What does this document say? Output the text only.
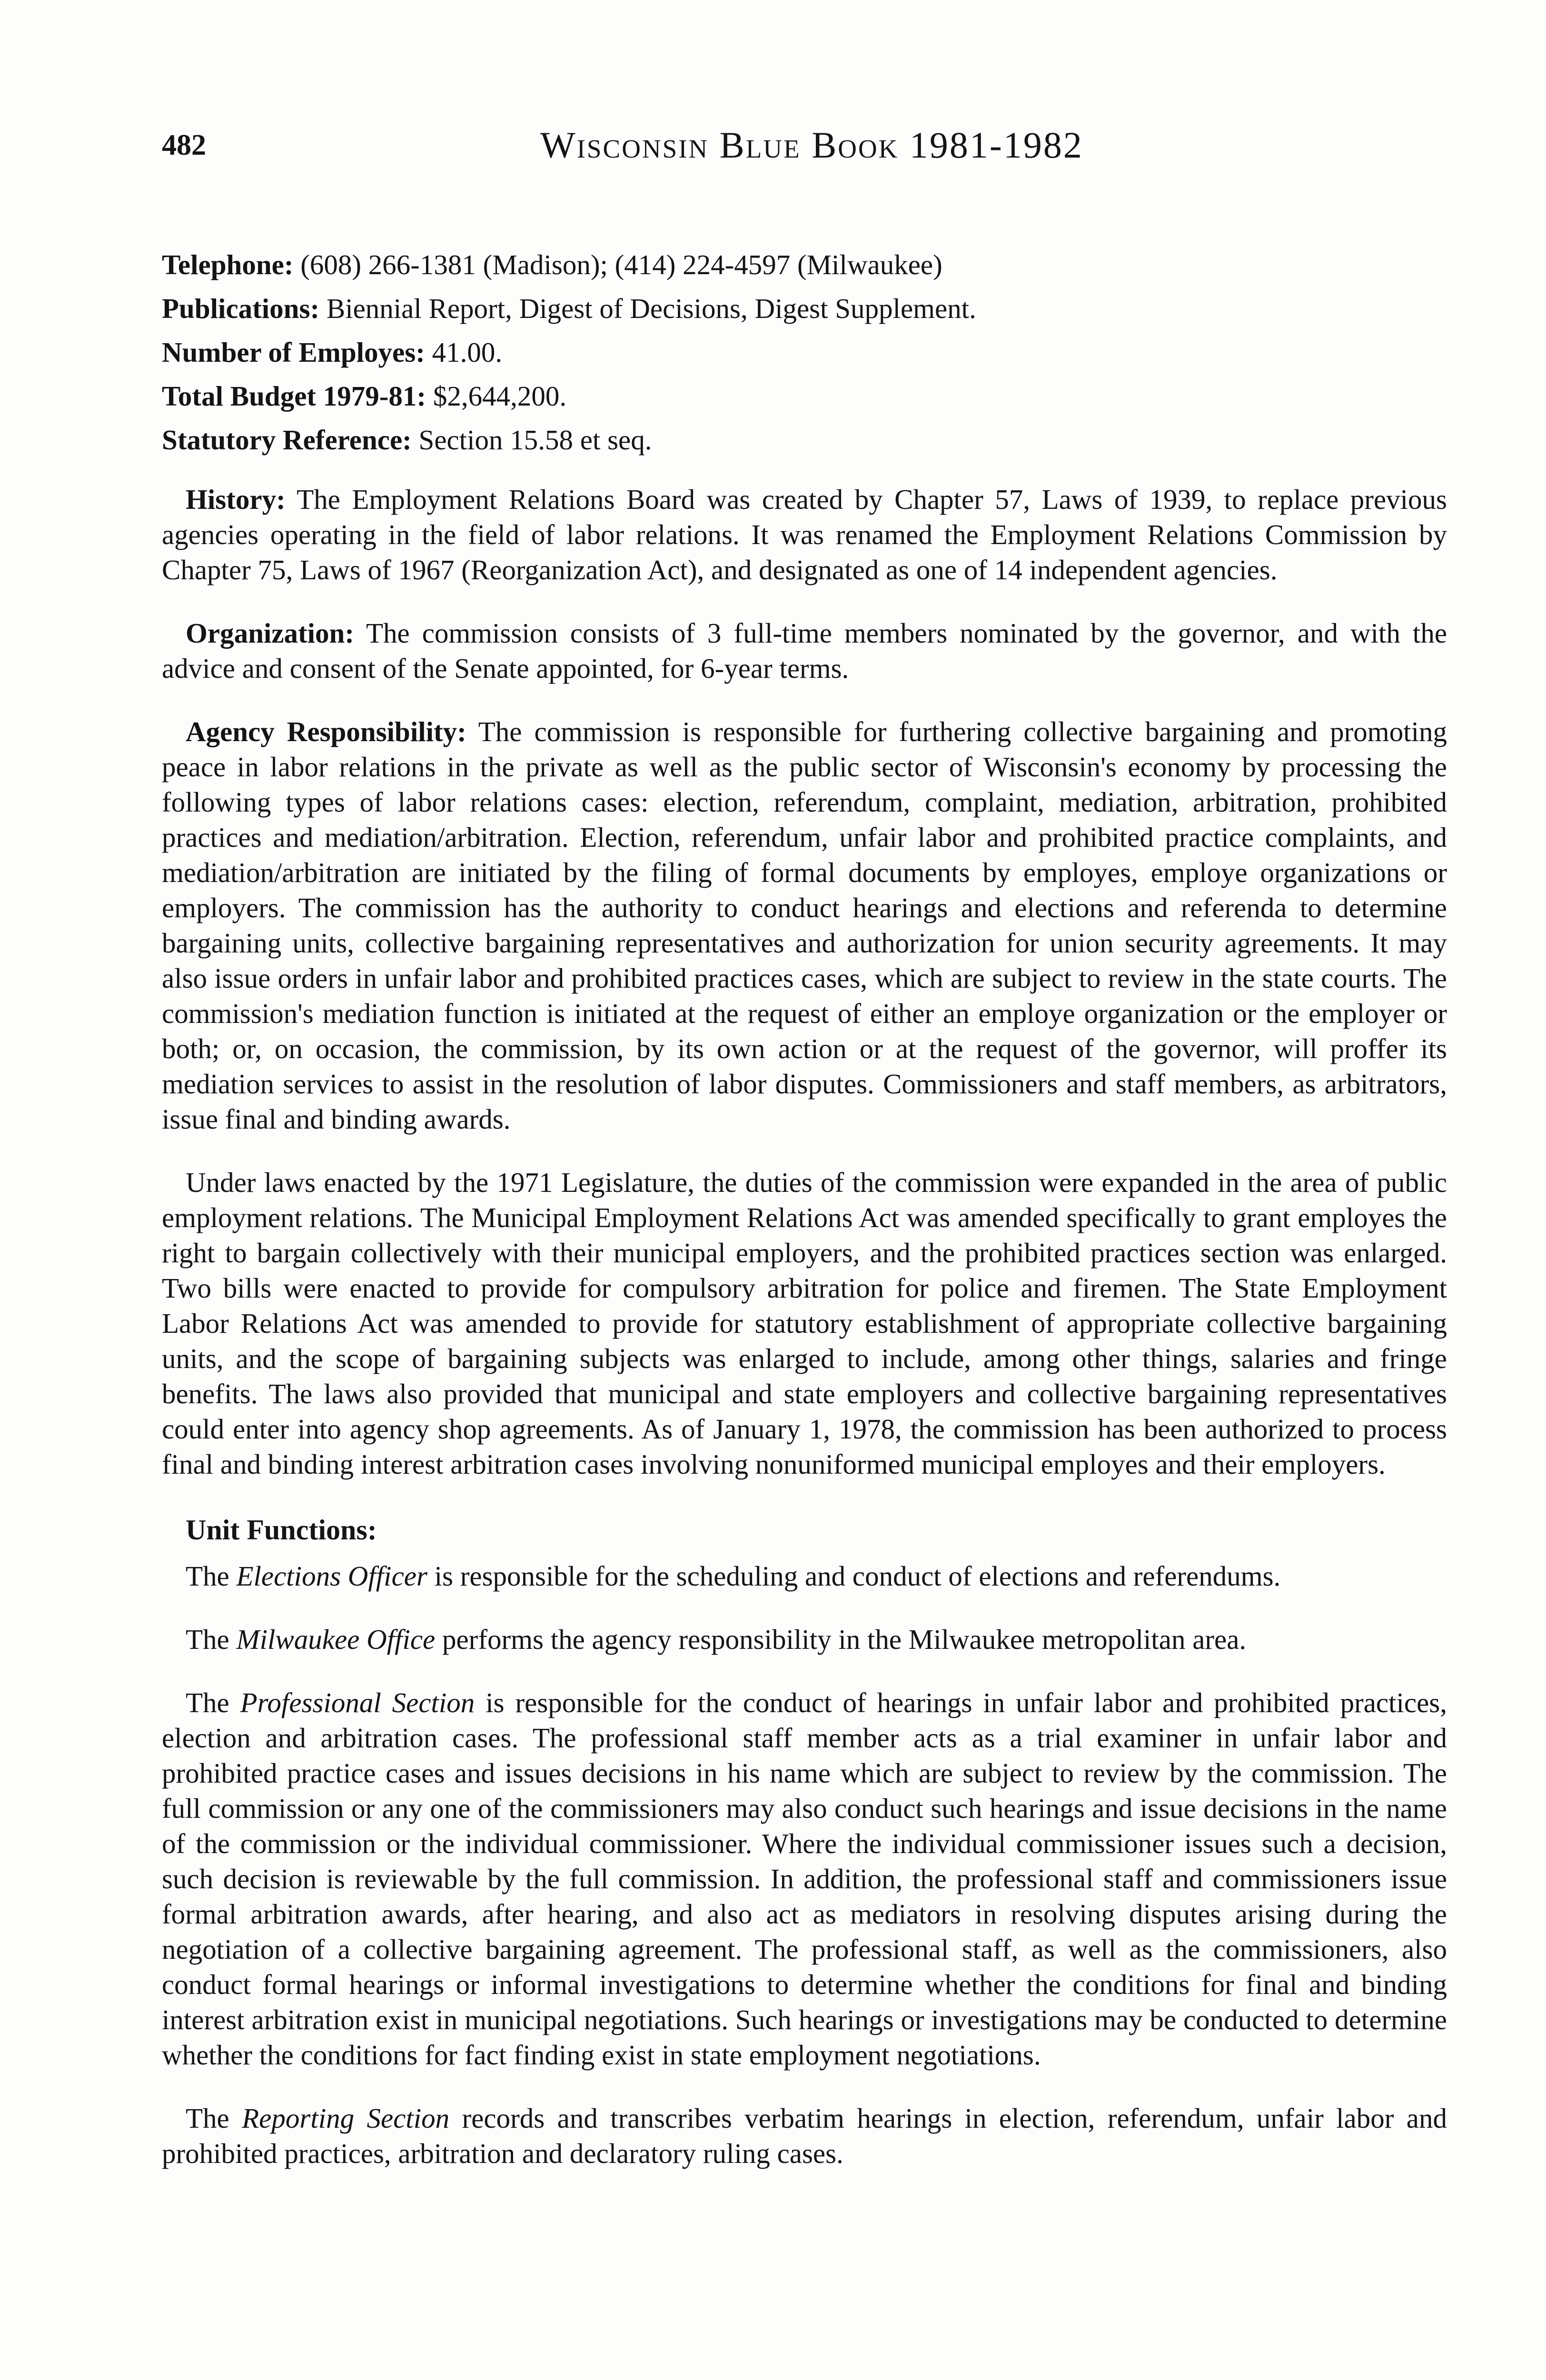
482	Wisconsin Blue Book 1981-1982
Telephone: (608) 266-1381 (Madison); (414) 224-4597 (Milwaukee)
Publications: Biennial Report, Digest of Decisions, Digest Supplement.
Number of Employes: 41.00.
Total Budget 1979-81: $2,644,200.
Statutory Reference: Section 15.58 et seq.

History: The Employment Relations Board was created by Chapter 57, Laws of 1939, to replace previous agencies operating in the field of labor relations. It was renamed the Employment Relations Commission by Chapter 75, Laws of 1967 (Reorganization Act), and designated as one of 14 independent agencies.

Organization: The commission consists of 3 full-time members nominated by the governor, and with the advice and consent of the Senate appointed, for 6-year terms.

Agency Responsibility: The commission is responsible for furthering collective bargaining and promoting peace in labor relations in the private as well as the public sector of Wisconsin's economy by processing the following types of labor relations cases: election, referendum, complaint, mediation, arbitration, prohibited practices and mediation/arbitration. Election, referendum, unfair labor and prohibited practice complaints, and mediation/arbitration are initiated by the filing of formal documents by employes, employe organizations or employers. The commission has the authority to conduct hearings and elections and referenda to determine bargaining units, collective bargaining representatives and authorization for union security agreements. It may also issue orders in unfair labor and prohibited practices cases, which are subject to review in the state courts. The commission's mediation function is initiated at the request of either an employe organization or the employer or both; or, on occasion, the commission, by its own action or at the request of the governor, will proffer its mediation services to assist in the resolution of labor disputes. Commissioners and staff members, as arbitrators, issue final and binding awards.

Under laws enacted by the 1971 Legislature, the duties of the commission were expanded in the area of public employment relations. The Municipal Employment Relations Act was amended specifically to grant employes the right to bargain collectively with their municipal employers, and the prohibited practices section was enlarged. Two bills were enacted to provide for compulsory arbitration for police and firemen. The State Employment Labor Relations Act was amended to provide for statutory establishment of appropriate collective bargaining units, and the scope of bargaining subjects was enlarged to include, among other things, salaries and fringe benefits. The laws also provided that municipal and state employers and collective bargaining representatives could enter into agency shop agreements. As of January 1, 1978, the commission has been authorized to process final and binding interest arbitration cases involving nonuniformed municipal employes and their employers.

Unit Functions:

The Elections Officer is responsible for the scheduling and conduct of elections and referendums.

The Milwaukee Office performs the agency responsibility in the Milwaukee metropolitan area.

The Professional Section is responsible for the conduct of hearings in unfair labor and prohibited practices, election and arbitration cases. The professional staff member acts as a trial examiner in unfair labor and prohibited practice cases and issues decisions in his name which are subject to review by the commission. The full commission or any one of the commissioners may also conduct such hearings and issue decisions in the name of the commission or the individual commissioner. Where the individual commissioner issues such a decision, such decision is reviewable by the full commission. In addition, the professional staff and commissioners issue formal arbitration awards, after hearing, and also act as mediators in resolving disputes arising during the negotiation of a collective bargaining agreement. The professional staff, as well as the commissioners, also conduct formal hearings or informal investigations to determine whether the conditions for final and binding interest arbitration exist in municipal negotiations. Such hearings or investigations may be conducted to determine whether the conditions for fact finding exist in state employment negotiations.

The Reporting Section records and transcribes verbatim hearings in election, referendum, unfair labor and prohibited practices, arbitration and declaratory ruling cases.
